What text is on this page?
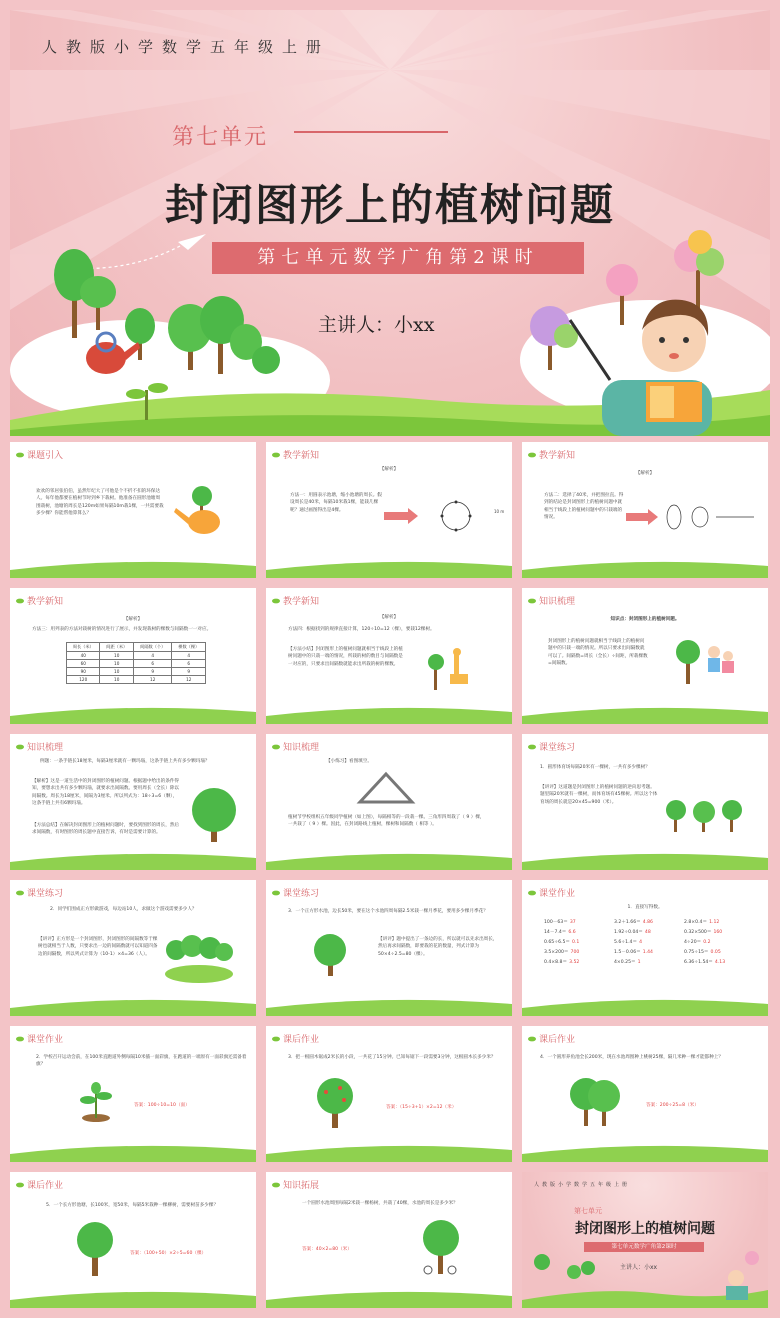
人教版小学数学五年级上册
第七单元
封闭图形上的植树问题
第七单元数学广角第2课时
主讲人：小xx
课题引入
欢欢的邻居张伯伯，虽然年纪大了可他是个不折不扣的环保达人。每年他都要在植树节时到乡下栽树。他准备在圆形池塘周围栽树，池塘的周长是120m如果每隔10m栽1棵，一共需要栽多少棵？你能帮他算算么？
教学新知
【解析】
方法一：用圆表示池塘，缩小池塘的周长。假设周长是40米，每隔10米栽1棵，能栽几棵呢？通过画图得出是4棵。	10 m
教学新知
【解析】
方法二：选择了40米，并把图拉直。得到的结论是封闭图形上的植树问题中就相当于线段上的植树问题中的只栽端的情况。
教学新知
【解析】
方法三：用列表的方法对栽树的情况进行了展示，并发现栽树的棵数与间隔数一一对应。
周长（米）	间距（米）	间隔数（个）	棵数（棵）
40	10	4	4
60	10	6	6
90	10	9	9
120	10	12	12
教学新知
【解析】
方法四：根据找到的规律直接计算，120÷10=12（棵），要栽12棵树。
【方法小结】封闭图形上的植树问题就相当于线段上的植树问题中的只栽一端的情况，所栽的树的数目与间隔数是一对应的，只要求出间隔数就能求出所栽的树的棵数。
知识梳理
知识点：封闭图形上的植树问题。
封闭图形上的植树问题就相当于线段上的植树问题中的只栽一端的情况。所以只要求出间隔数就可以了。间隔数=周长（全长）÷间距，所栽棵数=间隔数。
知识梳理
例题：一条手链长18厘米，每隔3厘米就有一颗玛瑙，这条手链上共有多少颗玛瑙？
【解析】这是一道生活中的封闭图形的植树问题。根据题中给出的条件得知，要想求出共有多少颗玛瑙，就要求出间隔数。要用周长（全长）除以间隔数。周长为18厘米，间隔为3厘米。所以列式为：18÷3=6（颗），这条手链上共有6颗玛瑙。
【方法总结】在解决封闭图形上的植树问题时，要找到图形的周长，然后求间隔数，有时图形的周长题中直接告诉，有时是需要计算的。
知识梳理
【小练习】看图填空。
植树节学校组织五年级同学植树（如上图），每隔相等的一段栽一棵。三角形四周栽了（ 9 ）棵，一共栽了（ 9 ）棵。因此，在封闭路线上植树，棵树和间隔数（ 相等 ）。
课堂练习
1．圆形体育场每隔20米有一棵树，一共有多少棵树？
【讲评】这道题是封闭图形上的植树问题的逆向思考题。题里隔20米就有一棵树，而体育场有45棵树。所以这个体育场的周长就是20×45=900（米）。
课堂练习
2．同学们围成正方形做游戏，每边站10人，求做这个游戏需要多少人？
【讲评】正方形是一个封闭图形，封闭图形的间隔数等于棵树也就相当于人数，只要求出一边的间隔数就可以知道四条边的间隔数，所以列式计算为（10-1）×4=36（人）。
课堂练习
3．一个正方形水池，边长50米，要在这个水池四周每隔2.5米栽一棵月季花，要用多少棵月季花？
【讲评】题中提出了一条边的长，所以就可以先求出周长，然后再求间隔数，即要栽的花的数量，列式计算为50×4÷2.5=80（棵）。
课堂作业
1．直接写得数。
100－63＝ 37	3.2＋1.66＝ 4.86	2.8×0.4＝ 1.12
14－7.4＝ 6.6	1.92÷0.04＝ 48	0.32×500＝ 160
0.65÷6.5＝ 0.1	5.6÷1.4＝ 4	4÷20＝ 0.2
3.5×200＝ 700	1.5－0.06＝ 1.44	0.75÷15＝ 0.05
0.4×8.8＝ 3.52	4×0.25＝ 1	6.36÷1.54＝ 4.13
课堂作业
2．学校召开运动会前，在100米直跑道外侧每隔10米插一面彩旗，在跑道的一端原有一面彩旗还需备着旗？
答案：100÷10=10（面）
课后作业
3．把一根圆木锯成2米长的小段，一共花了15分钟。已知每锯下一段需要3分钟，这根圆木长多少米？
答案：（15÷3+1）×2=12（米）
课后作业
4．一个圆形养鱼池全长200米，现在水池周围种上桃树25棵，隔几米种一棵才能都种上？
答案：200÷25=8（米）
课后作业
5．一个长方形池塘，长100米，宽50米，每隔5米栽种一棵柳树，需要树苗多少棵？
答案：（100+50）×2÷5=60（棵）
知识拓展
一个圆形水池周围每隔2米栽一棵杨树，共栽了40棵，水池的周长是多少米？
答案：40×2=80（米）
人教版小学数学五年级上册
第七单元
封闭图形上的植树问题
第七单元数学广角第2课时
主讲人：小xx
